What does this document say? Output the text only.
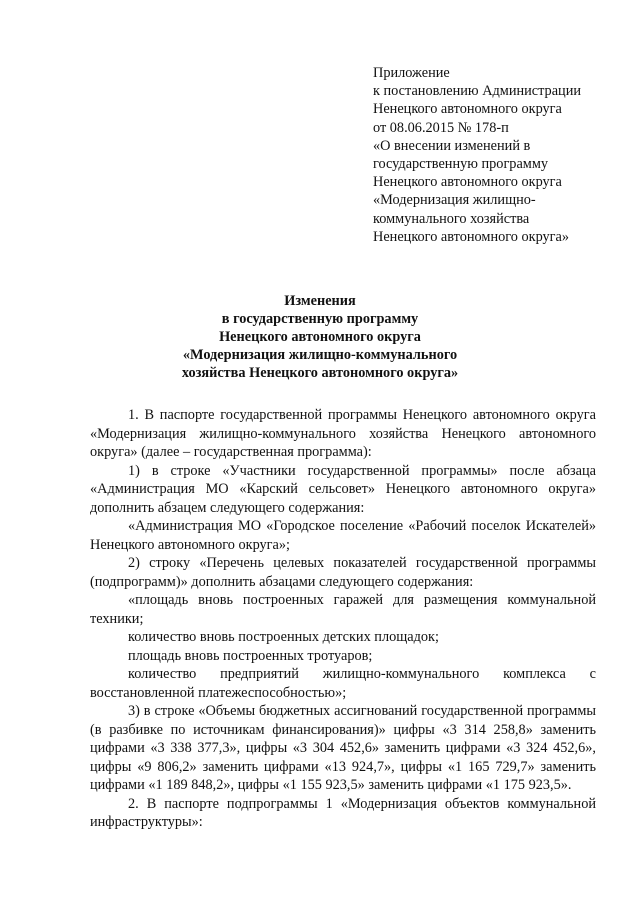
Приложение
к постановлению Администрации
Ненецкого автономного округа
от 08.06.2015 № 178-п
«О внесении изменений в
государственную программу
Ненецкого автономного округа
«Модернизация жилищно-
коммунального хозяйства
Ненецкого автономного округа»
Изменения
в государственную программу
Ненецкого автономного округа
«Модернизация жилищно-коммунального
хозяйства Ненецкого автономного округа»

1. В паспорте государственной программы Ненецкого автономного округа «Модернизация жилищно-коммунального хозяйства Ненецкого автономного округа» (далее – государственная программа):

1) в строке «Участники государственной программы» после абзаца «Администрация МО «Карский сельсовет» Ненецкого автономного округа» дополнить абзацем следующего содержания:

«Администрация МО «Городское поселение «Рабочий поселок Искателей» Ненецкого автономного округа»;

2) строку «Перечень целевых показателей государственной программы (подпрограмм)» дополнить абзацами следующего содержания:

«площадь вновь построенных гаражей для размещения коммунальной техники;

количество вновь построенных детских площадок;

площадь вновь построенных тротуаров;

количество предприятий жилищно-коммунального комплекса с восстановленной платежеспособностью»;

3) в строке «Объемы бюджетных ассигнований государственной программы (в разбивке по источникам финансирования)» цифры «3 314 258,8» заменить цифрами «3 338 377,3», цифры «3 304 452,6» заменить цифрами «3 324 452,6», цифры «9 806,2» заменить цифрами «13 924,7», цифры «1 165 729,7» заменить цифрами «1 189 848,2», цифры «1 155 923,5» заменить цифрами «1 175 923,5».

2. В паспорте подпрограммы 1 «Модернизация объектов коммунальной инфраструктуры»:
